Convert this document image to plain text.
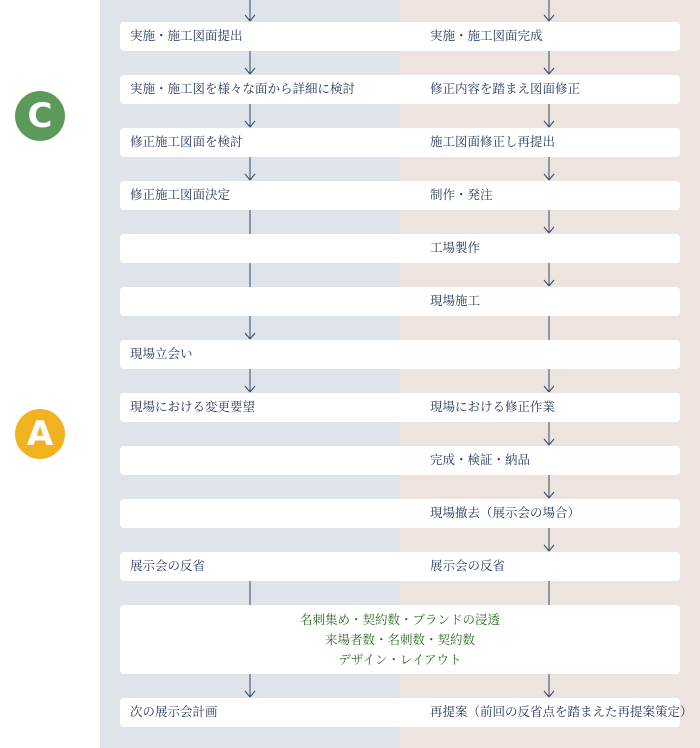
C
A
実施・施工図面提出	実施・施工図面完成
実施・施工図を様々な面から詳細に検討	修正内容を踏まえ図面修正
修正施工図面を検討	施工図面修正し再提出
修正施工図面決定	制作・発注
工場製作
現場施工
現場立会い
現場における変更要望	現場における修正作業
完成・検証・納品
現場撤去（展示会の場合）
展示会の反省	展示会の反省
名刺集め・契約数・ブランドの浸透
来場者数・名刺数・契約数
デザイン・レイアウト
次の展示会計画	再提案（前回の反省点を踏まえた再提案策定）
